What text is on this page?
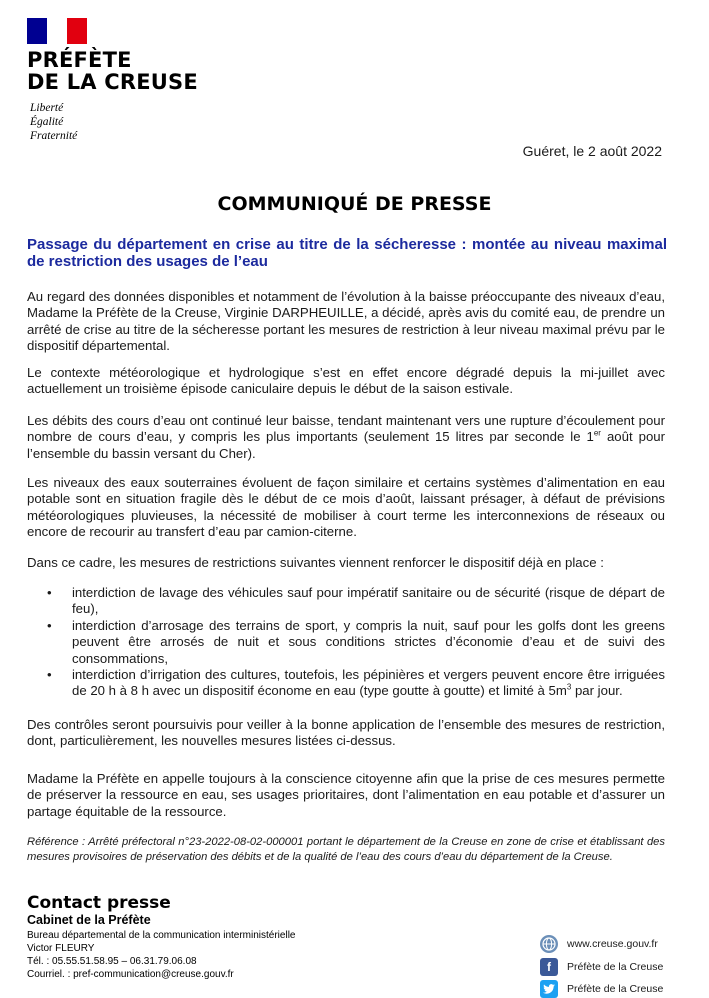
PRÉFÈTE
DE LA CREUSE
Liberté
Égalité
Fraternité
Guéret, le 2 août 2022
COMMUNIQUÉ DE PRESSE
Passage du département en crise au titre de la sécheresse : montée au niveau maximal de restriction des usages de l’eau
Au regard des données disponibles et notamment de l’évolution à la baisse préoccupante des niveaux d’eau, Madame la Préfète de la Creuse, Virginie DARPHEUILLE, a décidé, après avis du comité eau, de prendre un arrêté de crise au titre de la sécheresse portant les mesures de restriction à leur niveau maximal prévu par le dispositif départemental.
Le contexte météorologique et hydrologique s’est en effet encore dégradé depuis la mi-juillet avec actuellement un troisième épisode caniculaire depuis le début de la saison estivale.
Les débits des cours d’eau ont continué leur baisse, tendant maintenant vers une rupture d’écoulement pour nombre de cours d’eau, y compris les plus importants (seulement 15 litres par seconde le 1er août pour l’ensemble du bassin versant du Cher).
Les niveaux des eaux souterraines évoluent de façon similaire et certains systèmes d’alimentation en eau potable sont en situation fragile dès le début de ce mois d’août, laissant présager, à défaut de prévisions météorologiques pluvieuses, la nécessité de mobiliser à court terme les interconnexions de réseaux ou encore de recourir au transfert d’eau par camion-citerne.
Dans ce cadre, les mesures de restrictions suivantes viennent renforcer le dispositif déjà en place :
• interdiction de lavage des véhicules sauf pour impératif sanitaire ou de sécurité (risque de départ de feu),
• interdiction d’arrosage des terrains de sport, y compris la nuit, sauf pour les golfs dont les greens peuvent être arrosés de nuit et sous conditions strictes d’économie d’eau et de suivi des consommations,
• interdiction d’irrigation des cultures, toutefois, les pépinières et vergers peuvent encore être irriguées de 20 h à 8 h avec un dispositif économe en eau (type goutte à goutte) et limité à $5m^3$ par jour.
Des contrôles seront poursuivis pour veiller à la bonne application de l’ensemble des mesures de restriction, dont, particulièrement, les nouvelles mesures listées ci-dessus.
Madame la Préfète en appelle toujours à la conscience citoyenne afin que la prise de ces mesures permette de préserver la ressource en eau, ses usages prioritaires, dont l’alimentation en eau potable et d’assurer un partage équitable de la ressource.
Référence : Arrêté préfectoral n°23-2022-08-02-000001 portant le département de la Creuse en zone de crise et établissant des mesures provisoires de préservation des débits et de la qualité de l’eau des cours d’eau du département de la Creuse.
Contact presse
Cabinet de la Préfète
Bureau départemental de la communication interministérielle
Victor FLEURY
Tél. : 05.55.51.58.95 – 06.31.79.06.08
Courriel. : pref-communication@creuse.gouv.fr
www.creuse.gouv.fr
f	Préfète de la Creuse
Préfète de la Creuse
